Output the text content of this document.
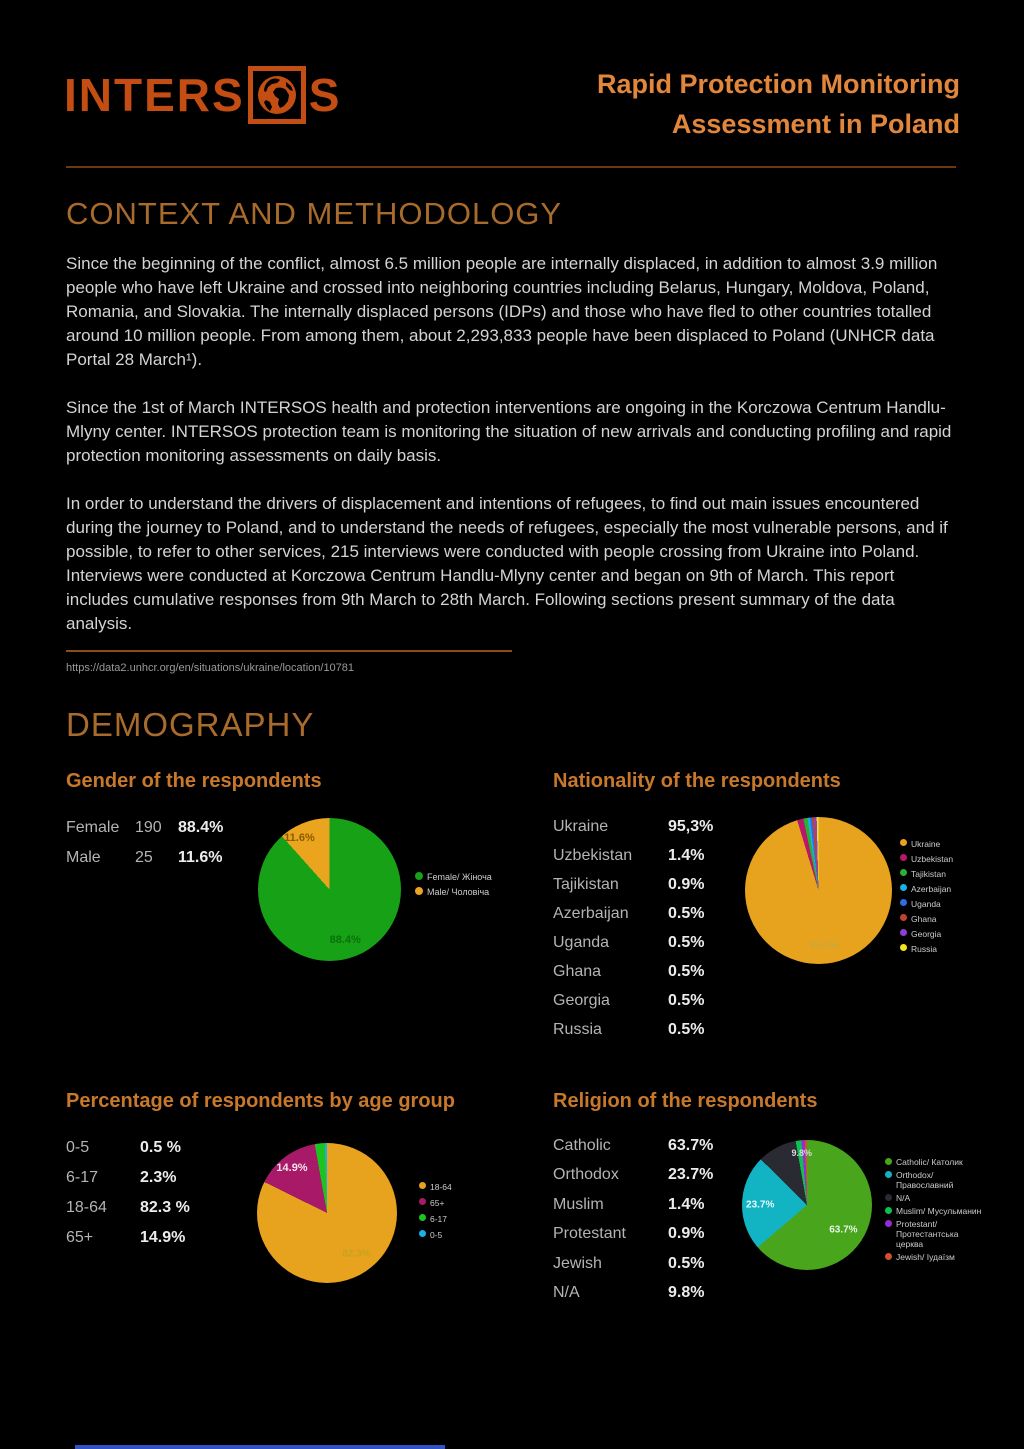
INTERS S	Rapid Protection Monitoring
Assessment in Poland
CONTEXT AND METHODOLOGY

Since the beginning of the conflict, almost 6.5 million people are internally displaced, in addition to almost 3.9 million people who have left Ukraine and crossed into neighboring countries including Belarus, Hungary, Moldova, Poland, Romania, and Slovakia. The internally displaced persons (IDPs) and those who have fled to other countries totalled around 10 million people. From among them, about 2,293,833 people have been displaced to Poland (UNHCR data Portal 28 March¹).

Since the 1st of March INTERSOS health and protection interventions are ongoing in the Korczowa Centrum Handlu-Mlyny center. INTERSOS protection team is monitoring the situation of new arrivals and conducting profiling and rapid protection monitoring assessments on daily basis.

In order to understand the drivers of displacement and intentions of refugees, to find out main issues encountered during the journey to Poland, and to understand the needs of refugees, especially the most vulnerable persons, and if possible, to refer to other services, 215 interviews were conducted with people crossing from Ukraine into Poland. Interviews were conducted at Korczowa Centrum Handlu-Mlyny center and began on 9th of March. This report includes cumulative responses from 9th March to 28th March. Following sections present summary of the data analysis.

https://data2.unhcr.org/en/situations/ukraine/location/10781
DEMOGRAPHY
Gender of the respondents
Female 190	88.4%
Male	25	11.6%
88.4%
11.6%
Female/ Жіноча
Male/ Чоловіча
Nationality of the respondents
Ukraine	95,3%
Uzbekistan	1.4%
Tajikistan	0.9%
Azerbaijan	0.5%
Uganda	0.5%
Ghana	0.5%
Georgia	0.5%
Russia	0.5%
95,3%
Ukraine
Uzbekistan
Tajikistan
Azerbaijan
Uganda
Ghana
Georgia
Russia
Percentage of respondents by age group
0-5	0.5 %
6-17	2.3%
18-64	82.3 %
65+	14.9%
82.3%
14.9%
18-64
65+
6-17
0-5
Religion of the respondents
Catholic	63.7%
Orthodox	23.7%
Muslim	1.4%
Protestant	0.9%
Jewish	0.5%
N/A	9.8%
63.7%
23.7%
9.8%
Catholic/ Католик
Orthodox/ Православний
N/A
Muslim/ Мусульманин
Protestant/ Протестантська церква
Jewish/ Іудаїзм
